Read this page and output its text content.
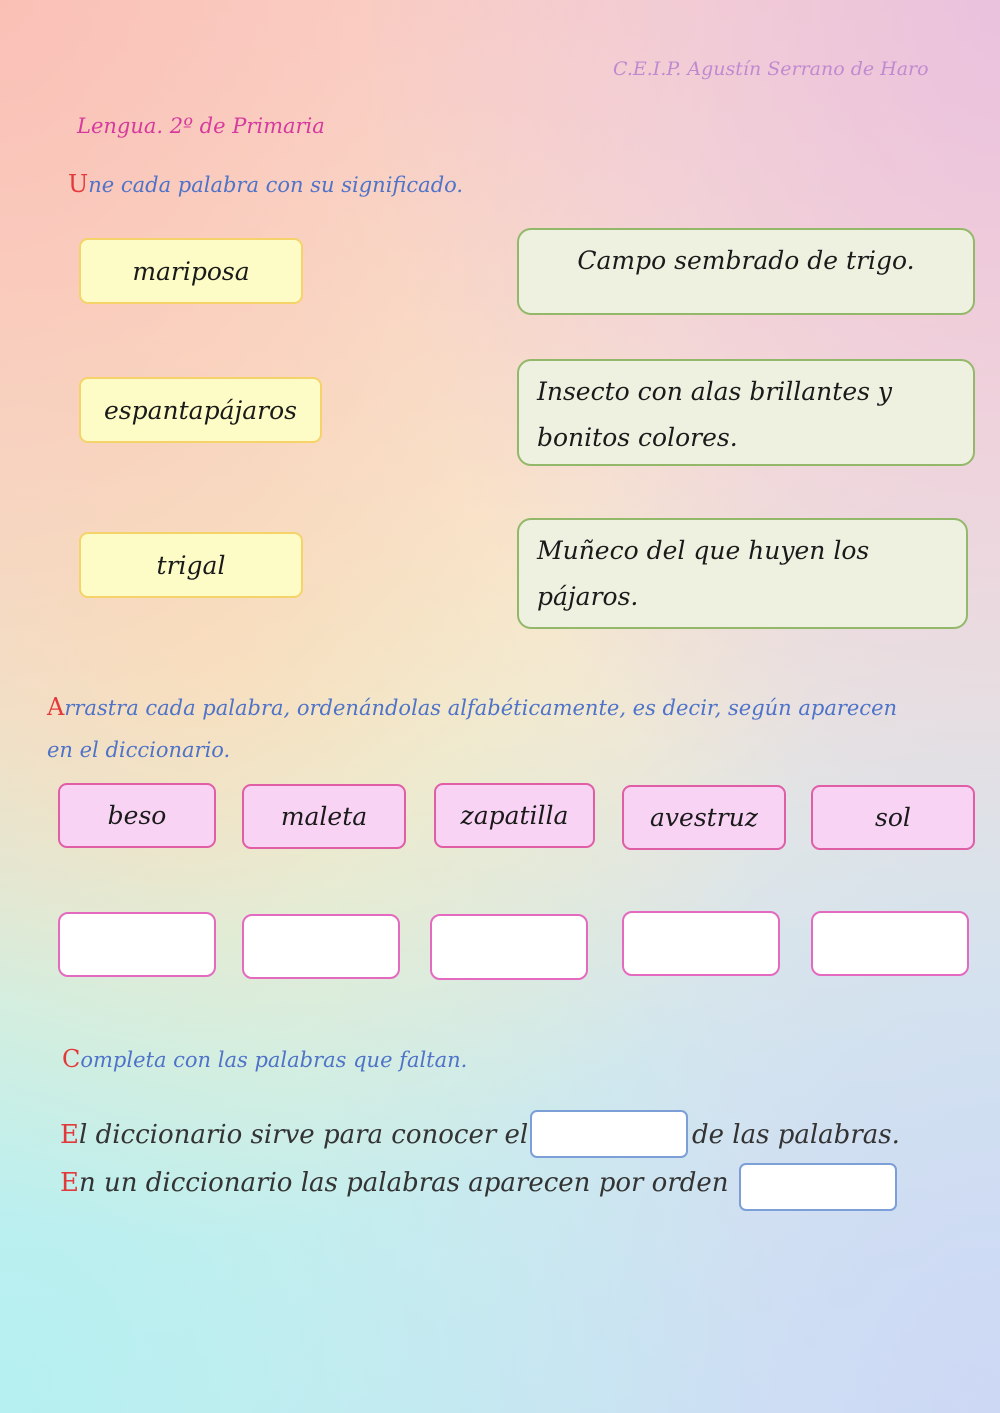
C.E.I.P. Agustín Serrano de Haro
Lengua. 2º de Primaria
Une cada palabra con su significado.
mariposa
espantapájaros
trigal
Campo sembrado de trigo.
Insecto con alas brillantes y bonitos colores.
Muñeco del que huyen los pájaros.
Arrastra cada palabra, ordenándolas alfabéticamente, es decir, según aparecen en el diccionario.
beso	maleta	zapatilla	avestruz	sol
Completa con las palabras que faltan.
El diccionario sirve para conocer el	de las palabras.
En un diccionario las palabras aparecen por orden
